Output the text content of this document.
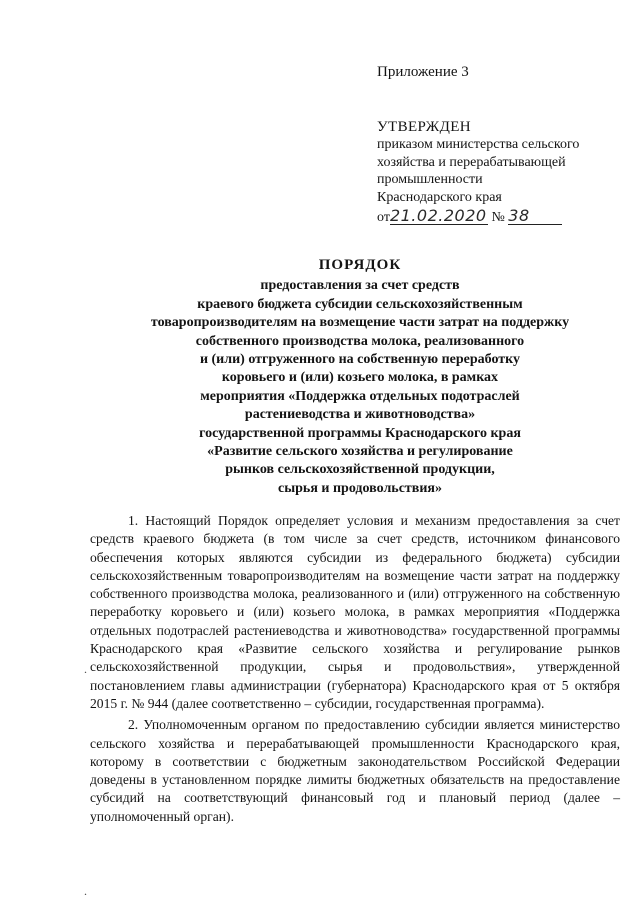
Приложение 3
УТВЕРЖДЕН
приказом министерства сельского
хозяйства и перерабатывающей
промышленности
Краснодарского края
от21.02.2020 № 38
ПОРЯДОК
предоставления за счет средств
краевого бюджета субсидии сельскохозяйственным
товаропроизводителям на возмещение части затрат на поддержку
собственного производства молока, реализованного
и (или) отгруженного на собственную переработку
коровьего и (или) козьего молока, в рамках
мероприятия «Поддержка отдельных подотраслей
растениеводства и животноводства»
государственной программы Краснодарского края
«Развитие сельского хозяйства и регулирование
рынков сельскохозяйственной продукции,
сырья и продовольствия»

1. Настоящий Порядок определяет условия и механизм предоставления за счет средств краевого бюджета (в том числе за счет средств, источником финансового обеспечения которых являются субсидии из федерального бюджета) субсидии сельскохозяйственным товаропроизводителям на возмещение части затрат на поддержку собственного производства молока, реализованного и (или) отгруженного на собственную переработку коровьего и (или) козьего молока, в рамках мероприятия «Поддержка отдельных подотраслей растениеводства и животноводства» государственной программы Краснодарского края «Развитие сельского хозяйства и регулирование рынков сельскохозяйственной продукции, сырья и продовольствия», утвержденной постановлением главы администрации (губернатора) Краснодарского края от 5 октября 2015 г. № 944 (далее соответственно – субсидии, государственная программа).

2. Уполномоченным органом по предоставлению субсидии является министерство сельского хозяйства и перерабатывающей промышленности Краснодарского края, которому в соответствии с бюджетным законодательством Российской Федерации доведены в установленном порядке лимиты бюджетных обязательств на предоставление субсидий на соответствующий финансовый год и плановый период (далее – уполномоченный орган).

.
.
